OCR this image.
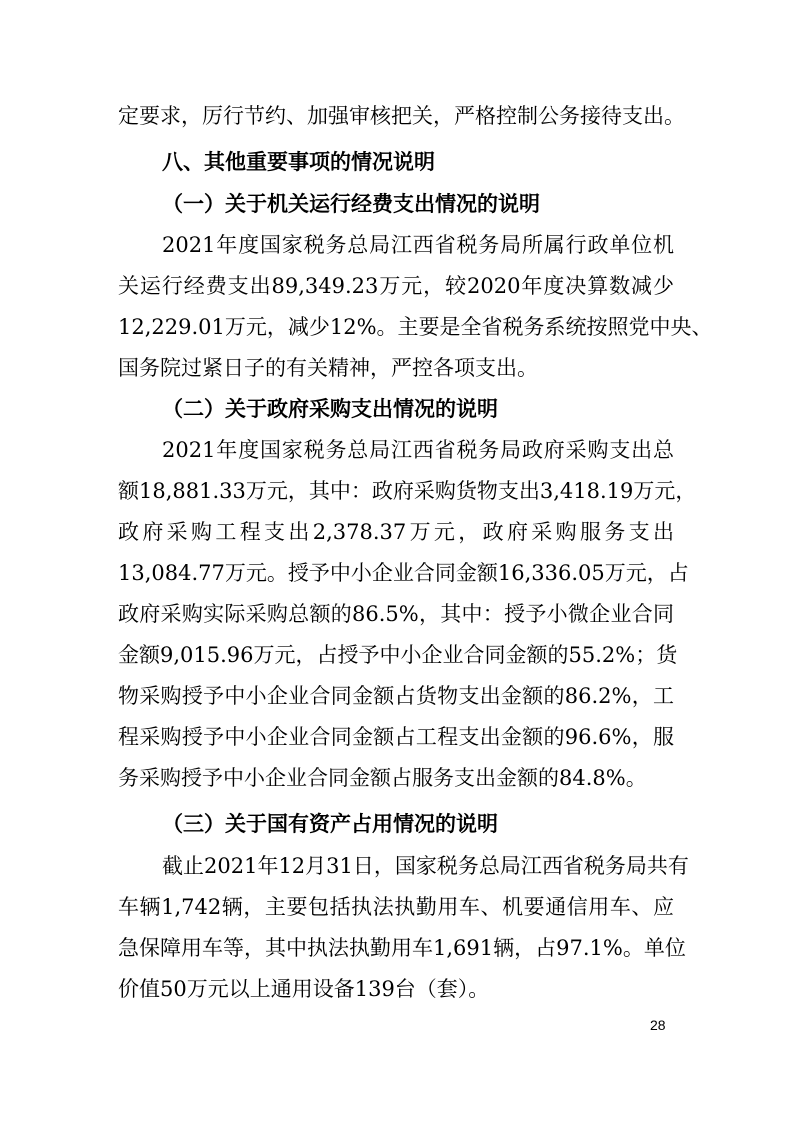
定要求，厉行节约、加强审核把关，严格控制公务接待支出。
八、其他重要事项的情况说明
（一）关于机关运行经费支出情况的说明
2021年度国家税务总局江西省税务局所属行政单位机
关运行经费支出89,349.23万元，较2020年度决算数减少
12,229.01万元，减少12%。主要是全省税务系统按照党中央、
国务院过紧日子的有关精神，严控各项支出。
（二）关于政府采购支出情况的说明
2021年度国家税务总局江西省税务局政府采购支出总
额18,881.33万元，其中：政府采购货物支出3,418.19万元，
政府采购工程支出2,378.37万元，政府采购服务支出
13,084.77万元。授予中小企业合同金额16,336.05万元，占
政府采购实际采购总额的86.5%，其中：授予小微企业合同
金额9,015.96万元，占授予中小企业合同金额的55.2%；货
物采购授予中小企业合同金额占货物支出金额的86.2%，工
程采购授予中小企业合同金额占工程支出金额的96.6%，服
务采购授予中小企业合同金额占服务支出金额的84.8%。
（三）关于国有资产占用情况的说明
截止2021年12月31日，国家税务总局江西省税务局共有
车辆1,742辆，主要包括执法执勤用车、机要通信用车、应
急保障用车等，其中执法执勤用车1,691辆，占97.1%。单位
价值50万元以上通用设备139台（套）。
28
